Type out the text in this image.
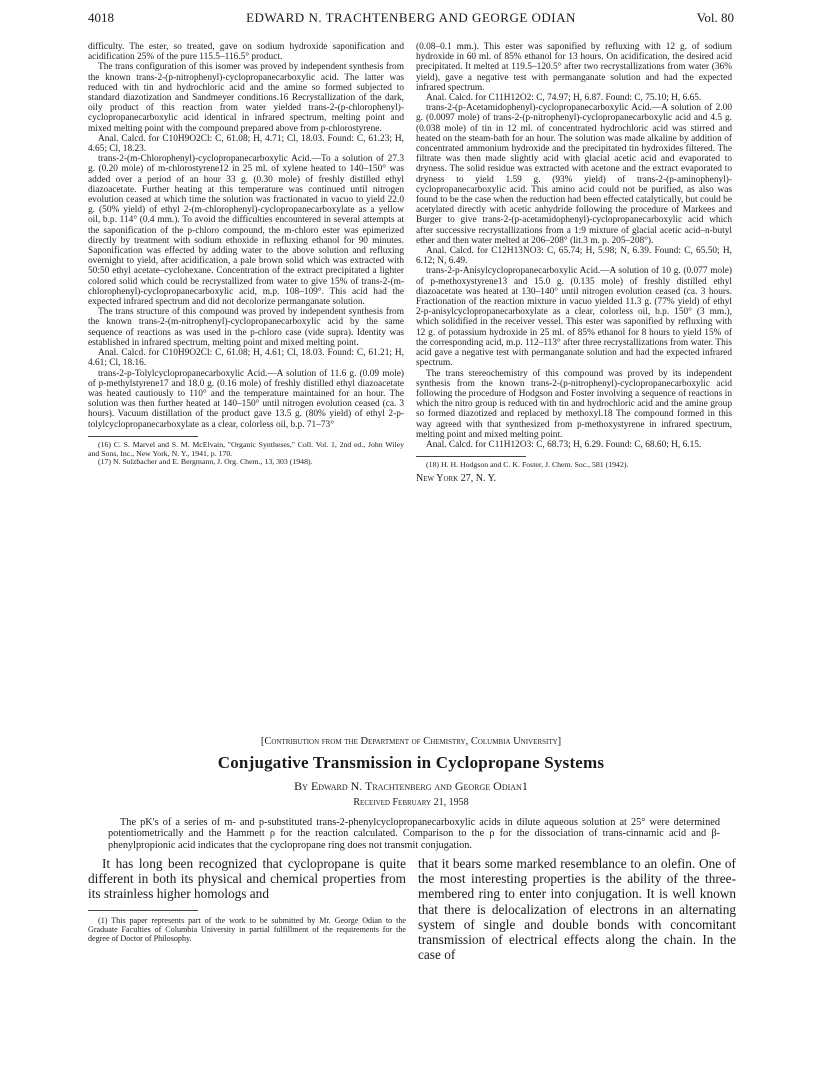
4018	EDWARD N. TRACHTENBERG AND GEORGE ODIAN	Vol. 80

difficulty. The ester, so treated, gave on sodium hydroxide saponification and acidification 25% of the pure 115.5–116.5° product.

The trans configuration of this isomer was proved by independent synthesis from the known trans-2-(p-nitrophenyl)-cyclopropanecarboxylic acid. The latter was reduced with tin and hydrochloric acid and the amine so formed subjected to standard diazotization and Sandmeyer conditions.16 Recrystallization of the dark, oily product of this reaction from water yielded trans-2-(p-chlorophenyl)-cyclopropanecarboxylic acid identical in infrared spectrum, melting point and mixed melting point with the compound prepared above from p-chlorostyrene.

Anal. Calcd. for C10H9O2Cl: C, 61.08; H, 4.71; Cl, 18.03. Found: C, 61.23; H, 4.65; Cl, 18.23.

trans-2-(m-Chlorophenyl)-cyclopropanecarboxylic Acid.—To a solution of 27.3 g. (0.20 mole) of m-chlorostyrene12 in 25 ml. of xylene heated to 140–150° was added over a period of an hour 33 g. (0.30 mole) of freshly distilled ethyl diazoacetate. Further heating at this temperature was continued until nitrogen evolution ceased at which time the solution was fractionated in vacuo to yield 22.0 g. (50% yield) of ethyl 2-(m-chlorophenyl)-cyclopropanecarboxylate as a yellow oil, b.p. 114° (0.4 mm.). To avoid the difficulties encountered in several attempts at the saponification of the p-chloro compound, the m-chloro ester was epimerized directly by treatment with sodium ethoxide in refluxing ethanol for 90 minutes. Saponification was effected by adding water to the above solution and refluxing overnight to yield, after acidification, a pale brown solid which was extracted with 50:50 ethyl acetate–cyclohexane. Concentration of the extract precipitated a lighter colored solid which could be recrystallized from water to give 15% of trans-2-(m-chlorophenyl)-cyclopropanecarboxylic acid, m.p. 108–109°. This acid had the expected infrared spectrum and did not decolorize permanganate solution.

The trans structure of this compound was proved by independent synthesis from the known trans-2-(m-nitrophenyl)-cyclopropanecarboxylic acid by the same sequence of reactions as was used in the p-chloro case (vide supra). Identity was established in infrared spectrum, melting point and mixed melting point.

Anal. Calcd. for C10H9O2Cl: C, 61.08; H, 4.61; Cl, 18.03. Found: C, 61.21; H, 4.61; Cl, 18.16.

trans-2-p-Tolylcyclopropanecarboxylic Acid.—A solution of 11.6 g. (0.09 mole) of p-methylstyrene17 and 18.0 g. (0.16 mole) of freshly distilled ethyl diazoacetate was heated cautiously to 110° and the temperature maintained for an hour. The solution was then further heated at 140–150° until nitrogen evolution ceased (ca. 3 hours). Vacuum distillation of the product gave 13.5 g. (80% yield) of ethyl 2-p-tolylcyclopropanecarboxylate as a clear, colorless oil, b.p. 71–73°

(16) C. S. Marvel and S. M. McElvain, "Organic Syntheses," Coll. Vol. 1, 2nd ed., John Wiley and Sons, Inc., New York, N. Y., 1941, p. 170.

(17) N. Sulzbacher and E. Bergmann, J. Org. Chem., 13, 303 (1948).

(0.08–0.1 mm.). This ester was saponified by refluxing with 12 g. of sodium hydroxide in 60 ml. of 85% ethanol for 13 hours. On acidification, the desired acid precipitated. It melted at 119.5–120.5° after two recrystallizations from water (36% yield), gave a negative test with permanganate solution and had the expected infrared spectrum.

Anal. Calcd. for C11H12O2: C, 74.97; H, 6.87. Found: C, 75.10; H, 6.65.

trans-2-(p-Acetamidophenyl)-cyclopropanecarboxylic Acid.—A solution of 2.00 g. (0.0097 mole) of trans-2-(p-nitrophenyl)-cyclopropanecarboxylic acid and 4.5 g. (0.038 mole) of tin in 12 ml. of concentrated hydrochloric acid was stirred and heated on the steam-bath for an hour. The solution was made alkaline by addition of concentrated ammonium hydroxide and the precipitated tin hydroxides filtered. The filtrate was then made slightly acid with glacial acetic acid and evaporated to dryness. The solid residue was extracted with acetone and the extract evaporated to dryness to yield 1.59 g. (93% yield) of trans-2-(p-aminophenyl)-cyclopropanecarboxylic acid. This amino acid could not be purified, as also was found to be the case when the reduction had been effected catalytically, but could be acetylated directly with acetic anhydride following the procedure of Markees and Burger to give trans-2-(p-acetamidophenyl)-cyclopropanecarboxylic acid which after successive recrystallizations from a 1:9 mixture of glacial acetic acid–n-butyl ether and then water melted at 206–208° (lit.3 m. p. 205–208°).

Anal. Calcd. for C12H13NO3: C, 65.74; H, 5.98; N, 6.39. Found: C, 65.50; H, 6.12; N, 6.49.

trans-2-p-Anisylcyclopropanecarboxylic Acid.—A solution of 10 g. (0.077 mole) of p-methoxystyrene13 and 15.0 g. (0.135 mole) of freshly distilled ethyl diazoacetate was heated at 130–140° until nitrogen evolution ceased (ca. 3 hours. Fractionation of the reaction mixture in vacuo yielded 11.3 g. (77% yield) of ethyl 2-p-anisylcyclopropanecarboxylate as a clear, colorless oil, b.p. 150° (3 mm.), which solidified in the receiver vessel. This ester was saponified by refluxing with 12 g. of potassium hydroxide in 25 ml. of 85% ethanol for 8 hours to yield 15% of the corresponding acid, m.p. 112–113° after three recrystallizations from water. This acid gave a negative test with permanganate solution and had the expected infrared spectrum.

The trans stereochemistry of this compound was proved by its independent synthesis from the known trans-2-(p-nitrophenyl)-cyclopropanecarboxylic acid following the procedure of Hodgson and Foster involving a sequence of reactions in which the nitro group is reduced with tin and hydrochloric acid and the amine group so formed diazotized and replaced by methoxyl.18 The compound formed in this way agreed with that synthesized from p-methoxystyrene in infrared spectrum, melting point and mixed melting point.

Anal. Calcd. for C11H12O3: C, 68.73; H, 6.29. Found: C, 68.60; H, 6.15.

(18) H. H. Hodgson and C. K. Foster, J. Chem. Soc., 581 (1942).

New York 27, N. Y.

[Contribution from the Department of Chemistry, Columbia University]
Conjugative Transmission in Cyclopropane Systems
By Edward N. Trachtenberg and George Odian1
Received February 21, 1958
The pK's of a series of m- and p-substituted trans-2-phenylcyclopropanecarboxylic acids in dilute aqueous solution at 25° were determined potentiometrically and the Hammett ρ for the reaction calculated. Comparison to the ρ for the dissociation of trans-cinnamic acid and β-phenylpropionic acid indicates that the cyclopropane ring does not transmit conjugation.

It has long been recognized that cyclopropane is quite different in both its physical and chemical properties from its strainless higher homologs and

(1) This paper represents part of the work to be submitted by Mr. George Odian to the Graduate Faculties of Columbia University in partial fulfillment of the requirements for the degree of Doctor of Philosophy.

that it bears some marked resemblance to an olefin. One of the most interesting properties is the ability of the three-membered ring to enter into conjugation. It is well known that there is delocalization of electrons in an alternating system of single and double bonds with concomitant transmission of electrical effects along the chain. In the case of
